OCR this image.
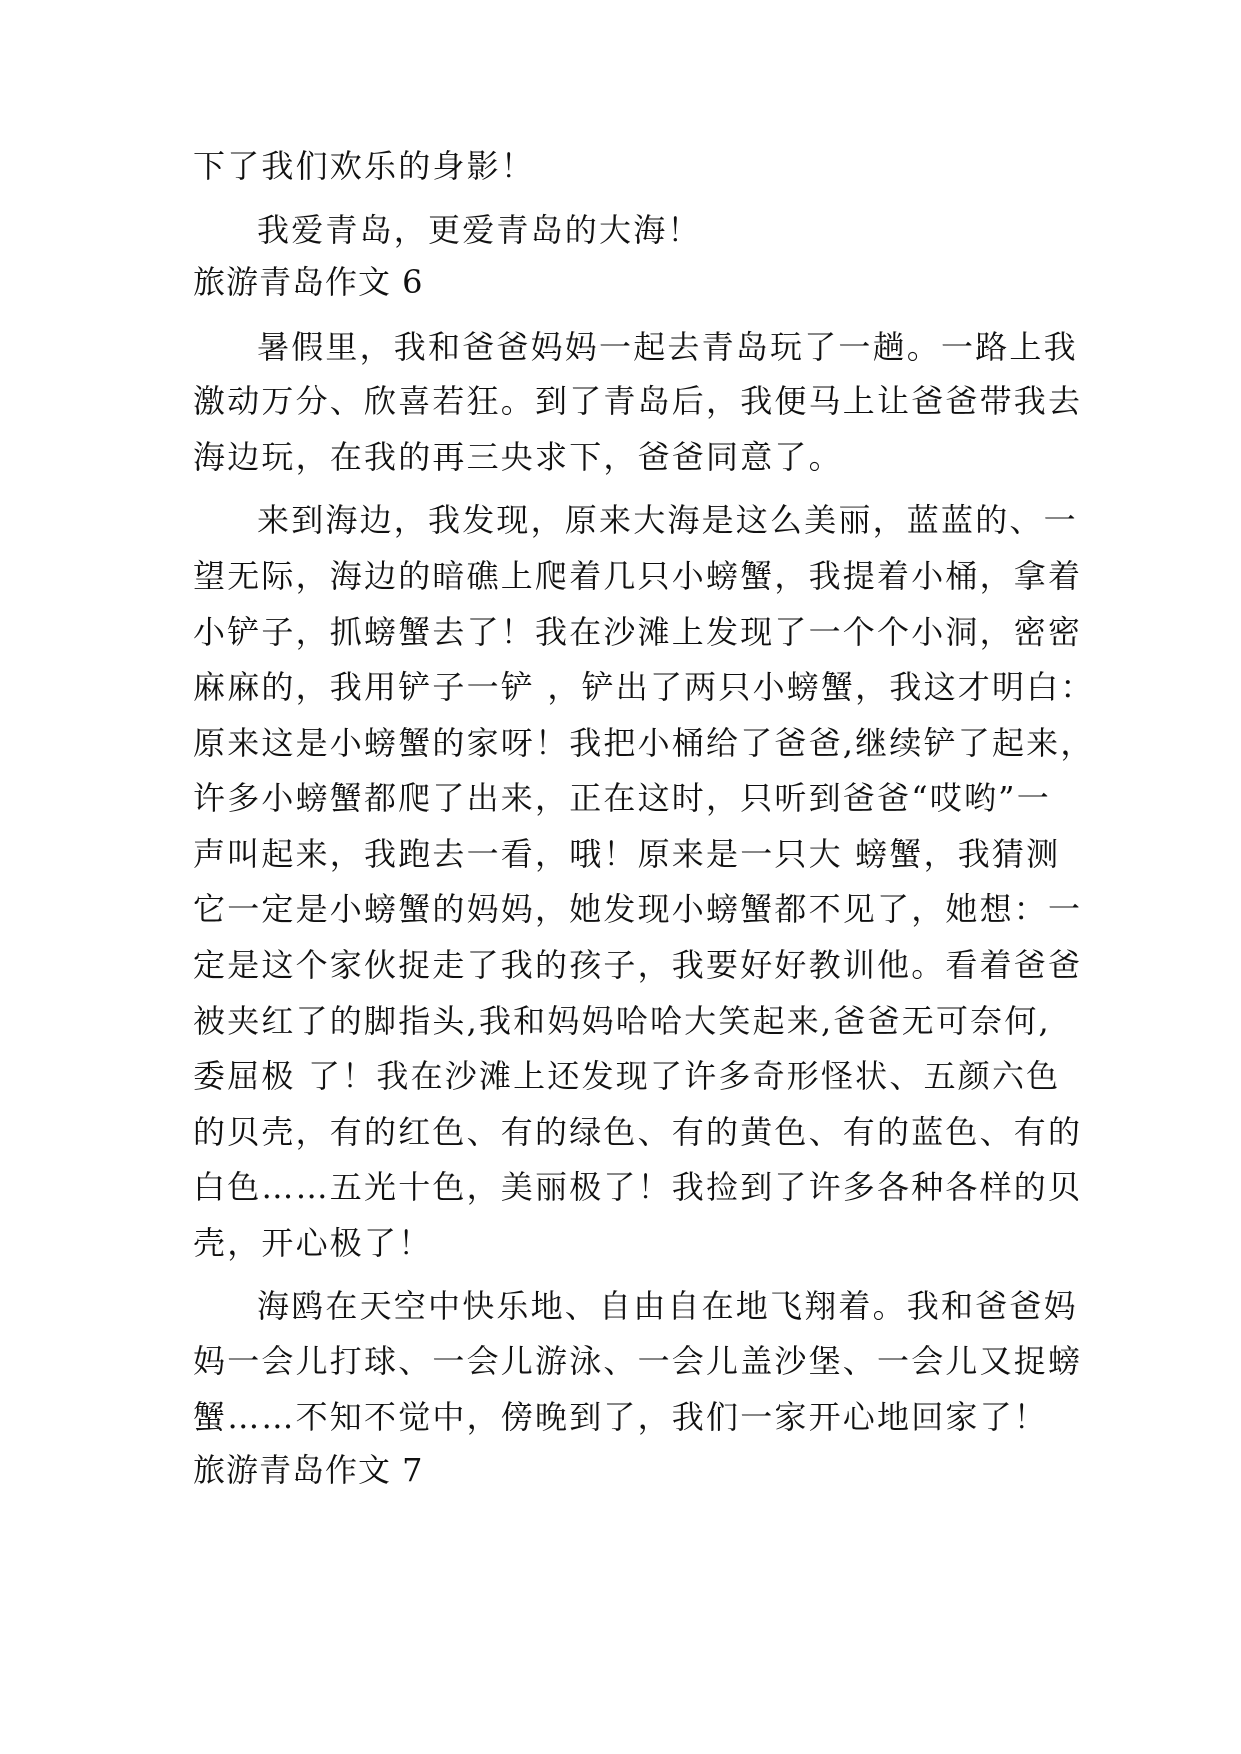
下了我们欢乐的身影！

我爱青岛，更爱青岛的大海！

旅游青岛作文 6

暑假里，我和爸爸妈妈一起去青岛玩了一趟。一路上我

激动万分、欣喜若狂。到了青岛后，我便马上让爸爸带我去

海边玩，在我的再三央求下，爸爸同意了。

来到海边，我发现，原来大海是这么美丽，蓝蓝的、一

望无际，海边的暗礁上爬着几只小螃蟹，我提着小桶，拿着

小铲子，抓螃蟹去了！我在沙滩上发现了一个个小洞，密密

麻麻的，我用铲子一铲 ，铲出了两只小螃蟹，我这才明白：

原来这是小螃蟹的家呀！我把小桶给了爸爸,继续铲了起来，

许多小螃蟹都爬了出来，正在这时，只听到爸爸“哎哟”一

声叫起来，我跑去一看，哦！原来是一只大 螃蟹，我猜测

它一定是小螃蟹的妈妈，她发现小螃蟹都不见了，她想：一

定是这个家伙捉走了我的孩子，我要好好教训他。看着爸爸

被夹红了的脚指头,我和妈妈哈哈大笑起来,爸爸无可奈何,

委屈极 了！我在沙滩上还发现了许多奇形怪状、五颜六色

的贝壳，有的红色、有的绿色、有的黄色、有的蓝色、有的

白色……五光十色，美丽极了！我捡到了许多各种各样的贝

壳，开心极了！

海鸥在天空中快乐地、自由自在地飞翔着。我和爸爸妈

妈一会儿打球、一会儿游泳、一会儿盖沙堡、一会儿又捉螃

蟹……不知不觉中，傍晚到了，我们一家开心地回家了！

旅游青岛作文 7
